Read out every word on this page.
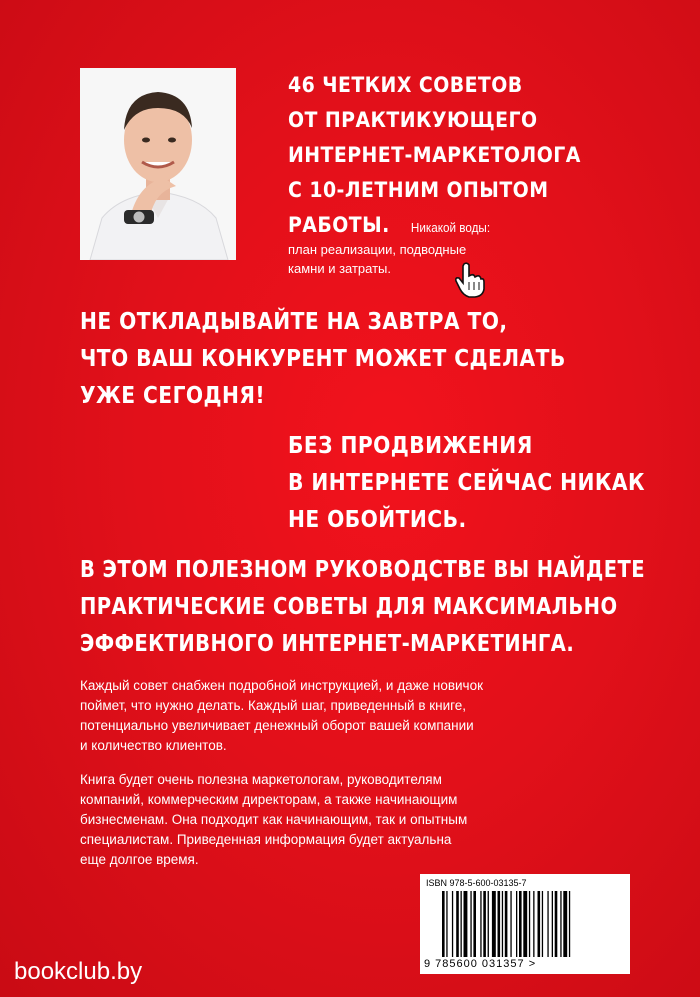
46 ЧЕТКИХ СОВЕТОВ
ОТ ПРАКТИКУЮЩЕГО
ИНТЕРНЕТ-МАРКЕТОЛОГА
С 10-ЛЕТНИМ ОПЫТОМ
РАБОТЫ. Никакой воды:
план реализации, подводные
камни и затраты.
НЕ ОТКЛАДЫВАЙТЕ НА ЗАВТРА ТО,
ЧТО ВАШ КОНКУРЕНТ МОЖЕТ СДЕЛАТЬ
УЖЕ СЕГОДНЯ!
БЕЗ ПРОДВИЖЕНИЯ
В ИНТЕРНЕТЕ СЕЙЧАС НИКАК
НЕ ОБОЙТИСЬ.
В ЭТОМ ПОЛЕЗНОМ РУКОВОДСТВЕ ВЫ НАЙДЕТЕ
ПРАКТИЧЕСКИЕ СОВЕТЫ ДЛЯ МАКСИМАЛЬНО
ЭФФЕКТИВНОГО ИНТЕРНЕТ-МАРКЕТИНГА.
Каждый совет снабжен подробной инструкцией, и даже новичок
поймет, что нужно делать. Каждый шаг, приведенный в книге,
потенциально увеличивает денежный оборот вашей компании
и количество клиентов.
Книга будет очень полезна маркетологам, руководителям
компаний, коммерческим директорам, а также начинающим
бизнесменам. Она подходит как начинающим, так и опытным
специалистам. Приведенная информация будет актуальна
еще долгое время.
ISBN 978-5-600-03135-7
9 785600 031357 >
bookclub.by
